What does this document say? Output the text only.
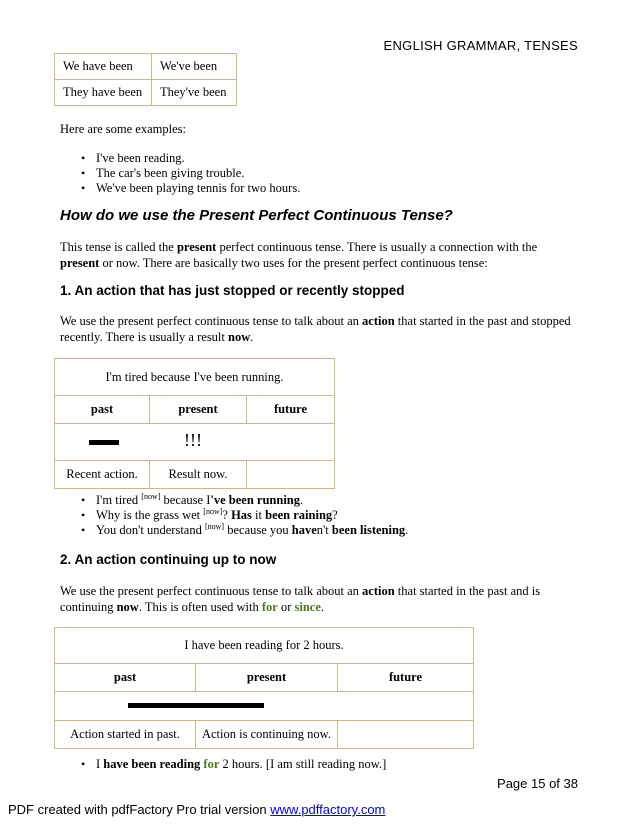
ENGLISH GRAMMAR, TENSES
We have been	We've been
They have been	They've been

Here are some examples:

• I've been reading.
• The car's been giving trouble.
• We've been playing tennis for two hours.
How do we use the Present Perfect Continuous Tense?

This tense is called the present perfect continuous tense. There is usually a connection with the
present or now. There are basically two uses for the present perfect continuous tense:

1. An action that has just stopped or recently stopped

We use the present perfect continuous tense to talk about an action that started in the past and stopped
recently. There is usually a result now.

I'm tired because I've been running.		
past	present	future

!!!		

Recent action.	Result now.	
• I'm tired [now] because I've been running.
• Why is the grass wet [now]? Has it been raining?
• You don't understand [now] because you haven't been listening.
2. An action continuing up to now

We use the present perfect continuous tense to talk about an action that started in the past and is
continuing now. This is often used with for or since.

I have been reading for 2 hours.		
past	present	future

Action started in past.	Action is continuing now.	
• I have been reading for 2 hours. [I am still reading now.]
Page 15 of 38
PDF created with pdfFactory Pro trial version www.pdffactory.com
